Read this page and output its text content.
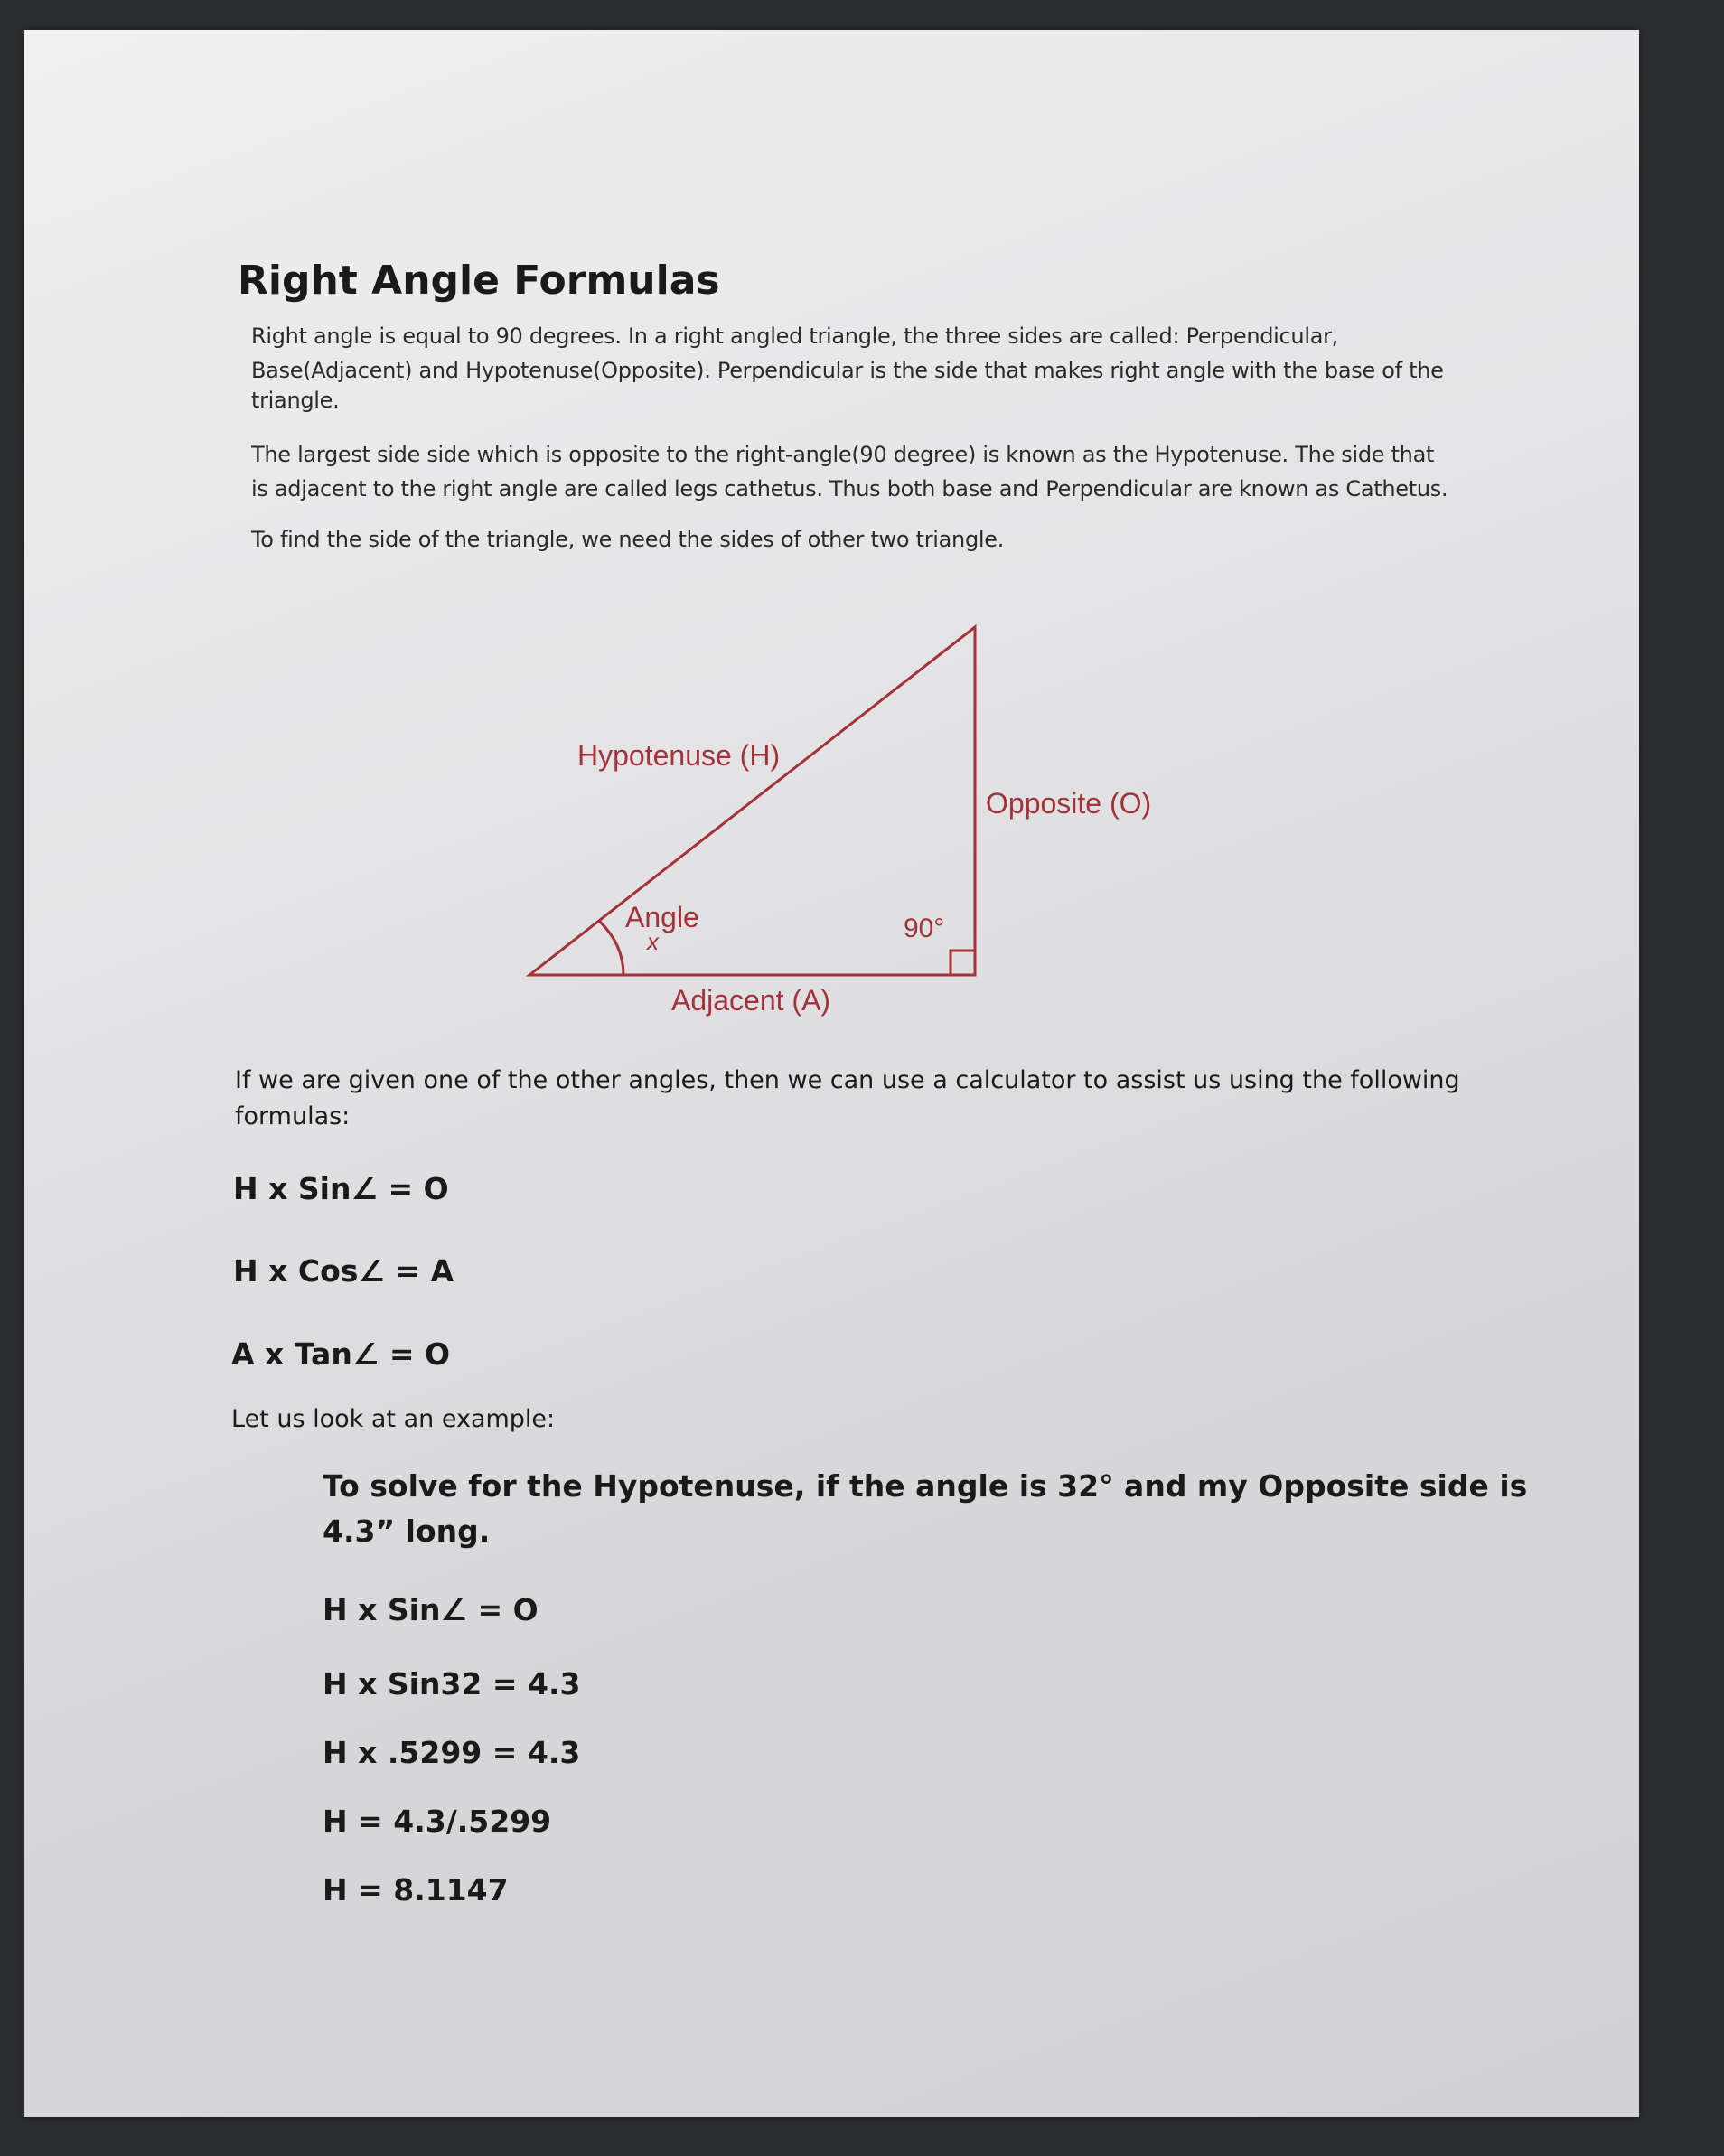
Right Angle Formulas
Right angle is equal to 90 degrees. In a right angled triangle, the three sides are called: Perpendicular,
Base(Adjacent) and Hypotenuse(Opposite). Perpendicular is the side that makes right angle with the base of the
triangle.
The largest side side which is opposite to the right-angle(90 degree) is known as the Hypotenuse. The side that
is adjacent to the right angle are called legs cathetus. Thus both base and Perpendicular are known as Cathetus.
To find the side of the triangle, we need the sides of other two triangle.
Hypotenuse (H)
Opposite (O)
Angle
x	90°
Adjacent (A)
If we are given one of the other angles, then we can use a calculator to assist us using the following
formulas:
H x Sin∠ = O
H x Cos∠ = A
A x Tan∠ = O
Let us look at an example:
To solve for the Hypotenuse, if the angle is 32° and my Opposite side is
4.3” long.
H x Sin∠ = O
H x Sin32 = 4.3
H x .5299 = 4.3
H = 4.3/.5299
H = 8.1147
